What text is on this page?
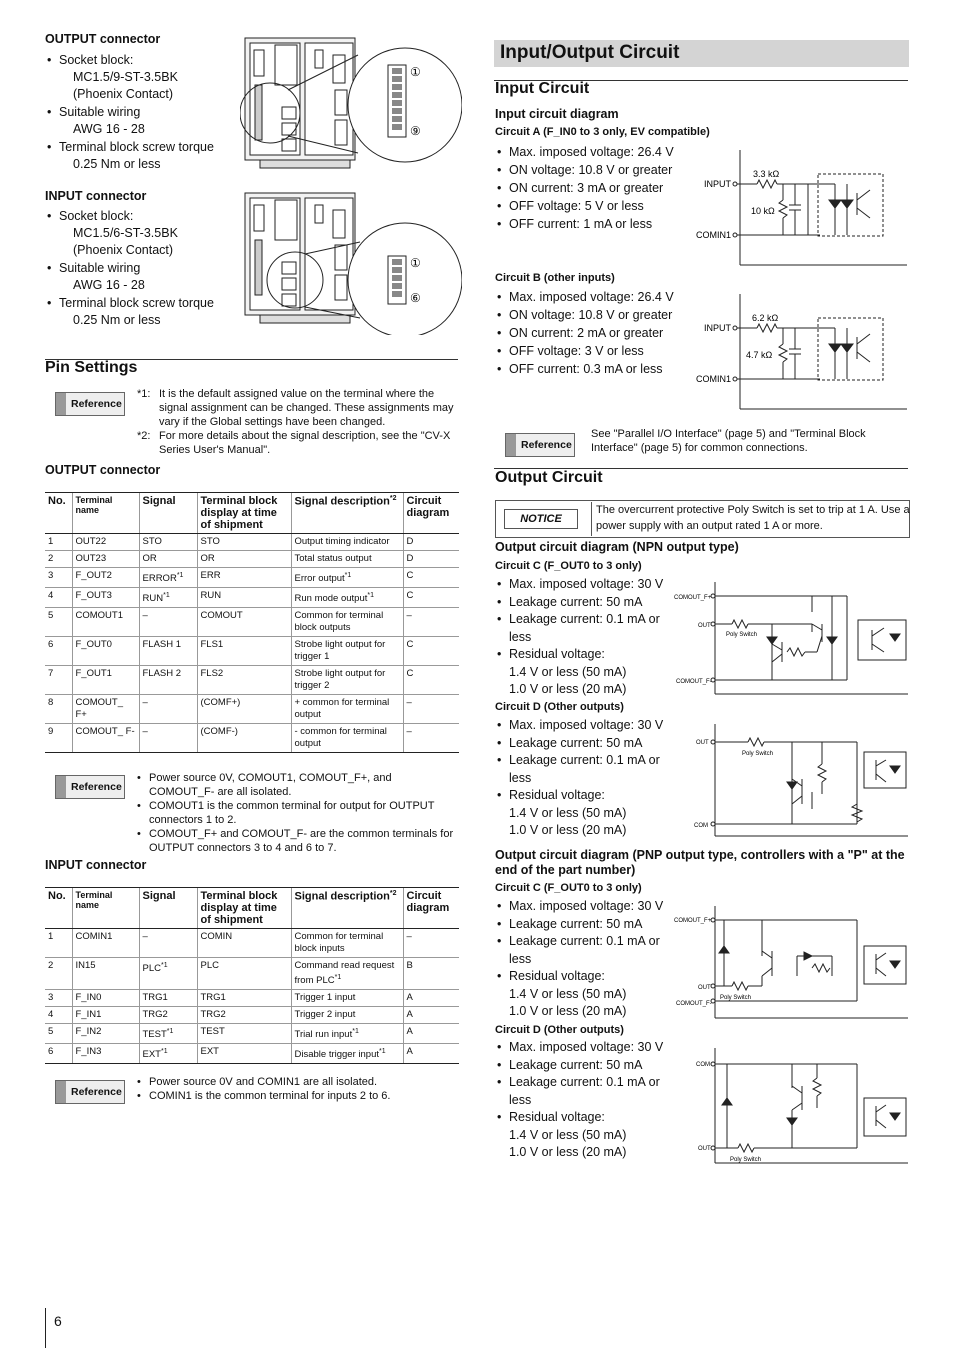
OUTPUT connector
• Socket block:
MC1.5/9-ST-3.5BK
(Phoenix Contact)
• Suitable wiring
AWG 16 - 28
• Terminal block screw torque
0.25 Nm or less
①
⑨
INPUT connector
• Socket block:
MC1.5/6-ST-3.5BK
(Phoenix Contact)
• Suitable wiring
AWG 16 - 28
• Terminal block screw torque
0.25 Nm or less
①
⑥
Pin Settings
Reference
*1: It is the default assigned value on the terminal where the signal assignment can be changed. These assignments may vary if the Global settings have been changed.
*2: For more details about the signal description, see the "CV-X Series User's Manual".
OUTPUT connector
No.	Terminal name	Signal	Terminal block display at time of shipment	Signal description$^{*2}$	Circuit diagram
1	OUT22	STO	STO	Output timing indicator	D
2	OUT23	OR	OR	Total status output	D
3	F_OUT2	ERROR$^{*1}$	ERR	Error output$^{*1}$	C
4	F_OUT3	RUN$^{*1}$	RUN	Run mode output$^{*1}$	C
5	COMOUT1	–	COMOUT	Common for terminal block outputs	–
6	F_OUT0	FLASH 1	FLS1	Strobe light output for trigger 1	C
7	F_OUT1	FLASH 2	FLS2	Strobe light output for trigger 2	C
8	COMOUT_ F+	–	(COMF+)	+ common for terminal output	–
9	COMOUT_ F-	–	(COMF-)	- common for terminal output	–
Reference
• Power source 0V, COMOUT1, COMOUT_F+, and COMOUT_F- are all isolated.
• COMOUT1 is the common terminal for output for OUTPUT connectors 1 to 2.
• COMOUT_F+ and COMOUT_F- are the common terminals for OUTPUT connectors 3 to 4 and 6 to 7.
INPUT connector
No.	Terminal name	Signal	Terminal block display at time of shipment	Signal description$^{*2}$	Circuit diagram
1	COMIN1	–	COMIN	Common for terminal block inputs	–
2	IN15	PLC$^{*1}$	PLC	Command read request from PLC$^{*1}$	B
3	F_IN0	TRG1	TRG1	Trigger 1 input	A
4	F_IN1	TRG2	TRG2	Trigger 2 input	A
5	F_IN2	TEST$^{*1}$	TEST	Trial run input$^{*1}$	A
6	F_IN3	EXT$^{*1}$	EXT	Disable trigger input$^{*1}$	A
Reference
• Power source 0V and COMIN1 are all isolated.
• COMIN1 is the common terminal for inputs 2 to 6.
Input/Output Circuit
Input Circuit
Input circuit diagram
Circuit A (F_IN0 to 3 only, EV compatible)
• Max. imposed voltage: 26.4 V
• ON voltage: 10.8 V or greater
• ON current: 3 mA or greater
• OFF voltage: 5 V or less
• OFF current: 1 mA or less
3.3 kΩ
10 kΩ
INPUT
COMIN1
Circuit B (other inputs)
• Max. imposed voltage: 26.4 V
• ON voltage: 10.8 V or greater
• ON current: 2 mA or greater
• OFF voltage: 3 V or less
• OFF current: 0.3 mA or less
6.2 kΩ
4.7 kΩ
INPUT
COMIN1
Reference
See "Parallel I/O Interface" (page 5) and "Terminal Block Interface" (page 5) for common connections.
Output Circuit
NOTICE
The overcurrent protective Poly Switch is set to trip at 1 A. Use a power supply with an output rated 1 A or more.
Output circuit diagram (NPN output type)
Circuit C (F_OUT0 to 3 only)
• Max. imposed voltage: 30 V
• Leakage current: 50 mA
• Leakage current: 0.1 mA or less
• Residual voltage:
1.4 V or less (50 mA)
1.0 V or less (20 mA)
COMOUT_F+
OUT
COMOUT_F-
Poly Switch
Circuit D (Other outputs)
• Max. imposed voltage: 30 V
• Leakage current: 50 mA
• Leakage current: 0.1 mA or less
• Residual voltage:
1.4 V or less (50 mA)
1.0 V or less (20 mA)
OUT
COM
Poly Switch
Output circuit diagram (PNP output type, controllers with a "P" at the end of the part number)
Circuit C (F_OUT0 to 3 only)
• Max. imposed voltage: 30 V
• Leakage current: 50 mA
• Leakage current: 0.1 mA or less
• Residual voltage:
1.4 V or less (50 mA)
1.0 V or less (20 mA)
COMOUT_F+
OUT
COMOUT_F-
Poly Switch
Circuit D (Other outputs)
• Max. imposed voltage: 30 V
• Leakage current: 50 mA
• Leakage current: 0.1 mA or less
• Residual voltage:
1.4 V or less (50 mA)
1.0 V or less (20 mA)
COM
OUT
Poly Switch
6
